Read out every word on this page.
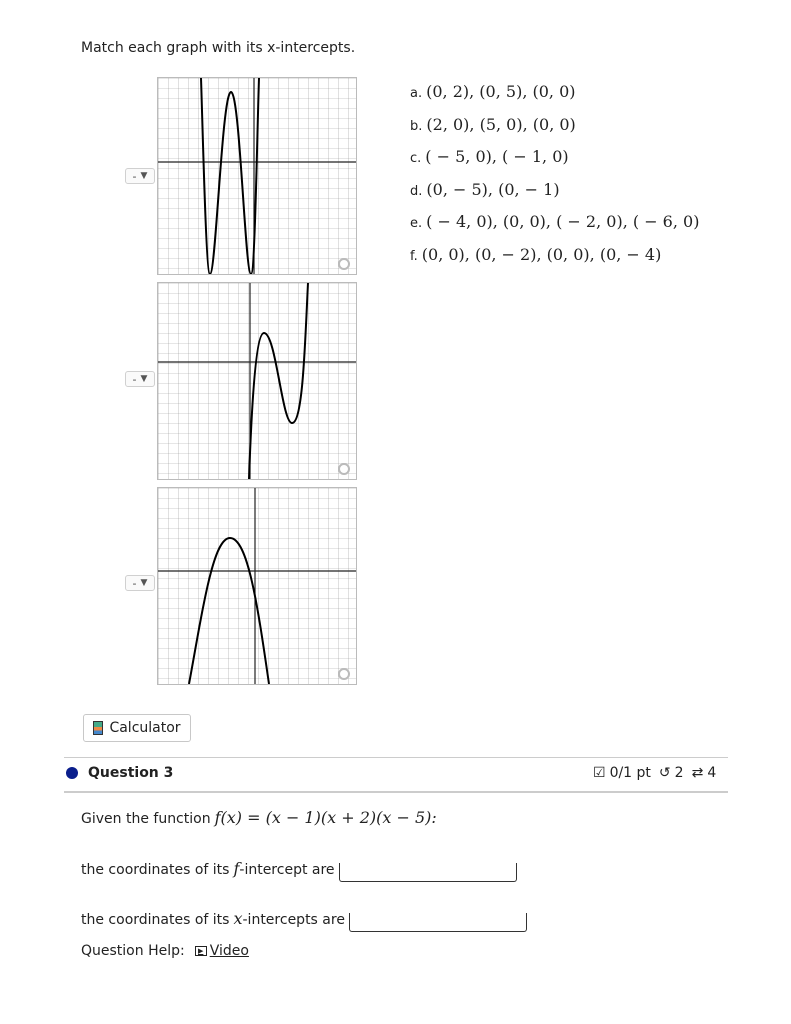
Match each graph with its x-intercepts.
- ▼
- ▼
- ▼
a. (0, 2), (0, 5), (0, 0)
b. (2, 0), (5, 0), (0, 0)
c. ( − 5, 0), ( − 1, 0)
d. (0, − 5), (0, − 1)
e. ( − 4, 0), (0, 0), ( − 2, 0), ( − 6, 0)
f. (0, 0), (0, − 2), (0, 0), (0, − 4)
Calculator
Question 3	☑ 0/1 pt ↺ 2 ⇄ 4
Given the function f(x) = (x − 1)(x + 2)(x − 5):
the coordinates of its f -intercept are
the coordinates of its x -intercepts are
Question Help:	▶ Video
